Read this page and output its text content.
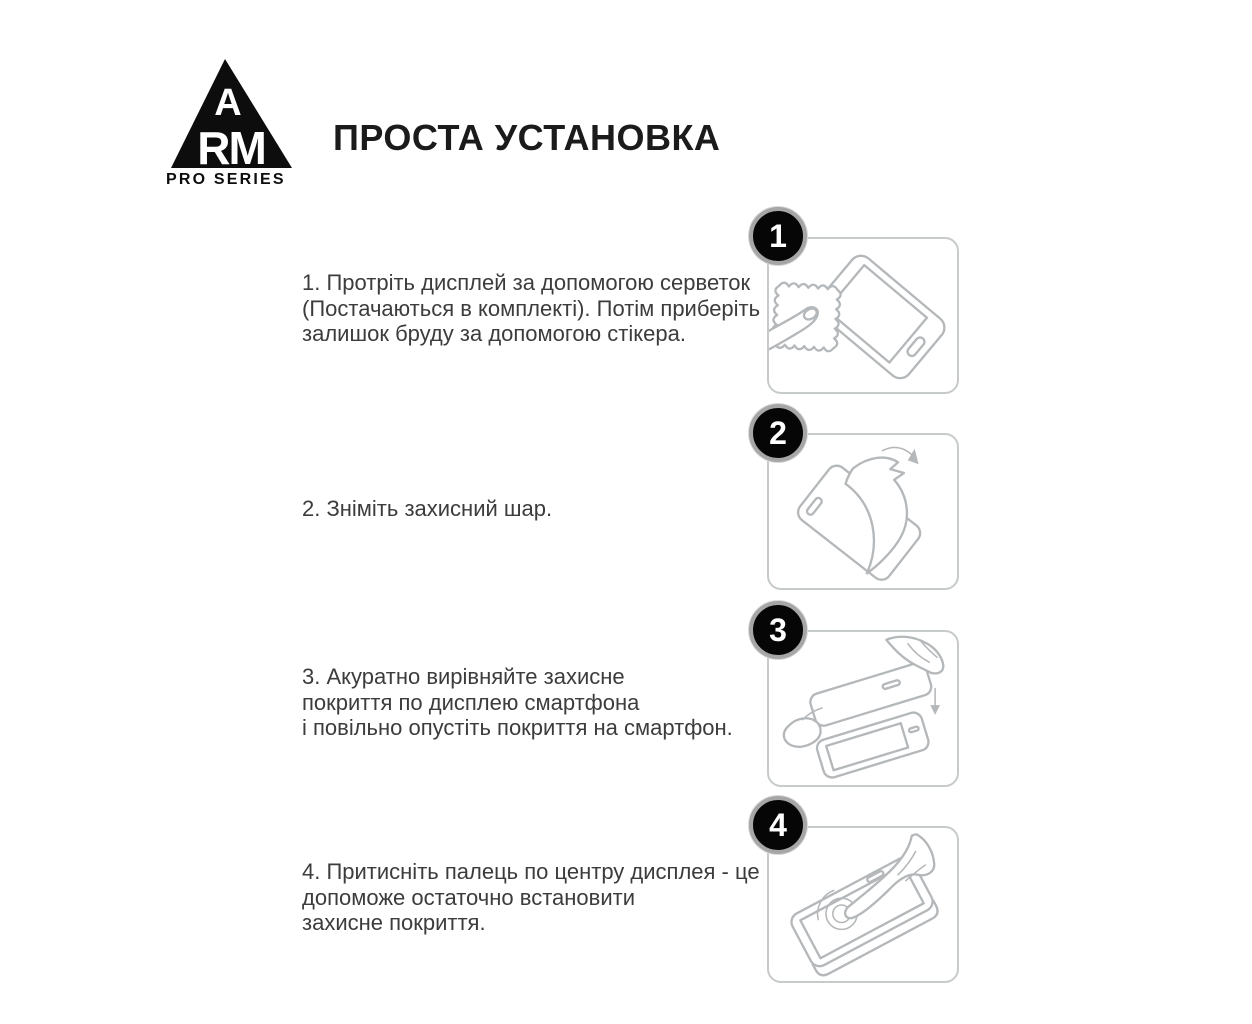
A
RM
PRO SERIES
ПРОСТА УСТАНОВКА
1. Протріть дисплей за допомогою серветок
(Постачаються в комплекті). Потім приберіть
залишок бруду за допомогою стікера.
1
2. Зніміть захисний шар.
2
3. Акуратно вирівняйте захисне
покриття по дисплею смартфона
і повільно опустіть покриття на смартфон.
3
4. Притисніть палець по центру дисплея - це
допоможе остаточно встановити
захисне покриття.
4
